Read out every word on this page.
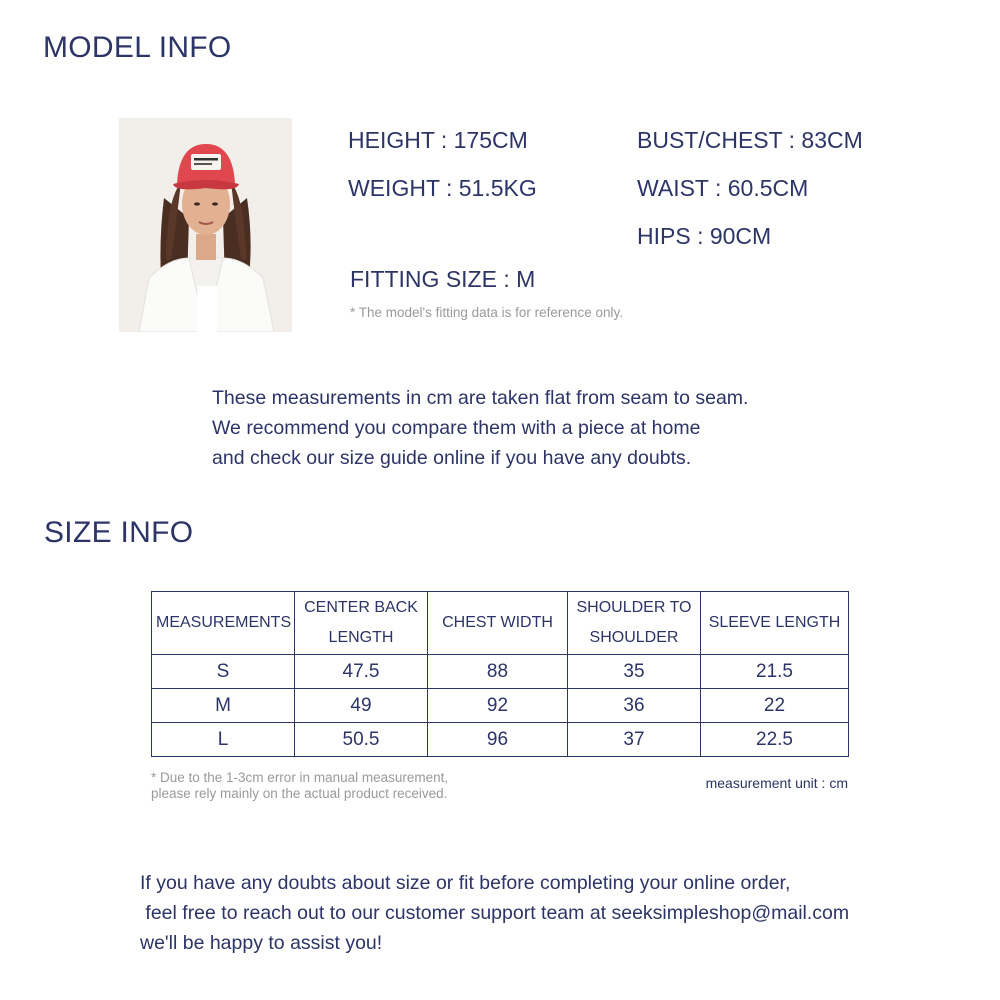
MODEL INFO
HEIGHT : 175CM
WEIGHT : 51.5KG
BUST/CHEST : 83CM
WAIST : 60.5CM
HIPS : 90CM
FITTING SIZE : M
* The model's fitting data is for reference only.
These measurements in cm are taken flat from seam to seam.
We recommend you compare them with a piece at home
and check our size guide online if you have any doubts.
SIZE INFO
MEASUREMENTS	CENTER BACK LENGTH	CHEST WIDTH	SHOULDER TO SHOULDER	SLEEVE LENGTH
S	47.5	88	35	21.5
M	49	92	36	22
L	50.5	96	37	22.5
* Due to the 1-3cm error in manual measurement,
please rely mainly on the actual product received.
measurement unit : cm
If you have any doubts about size or fit before completing your online order,
feel free to reach out to our customer support team at seeksimpleshop@mail.com
we'll be happy to assist you!
